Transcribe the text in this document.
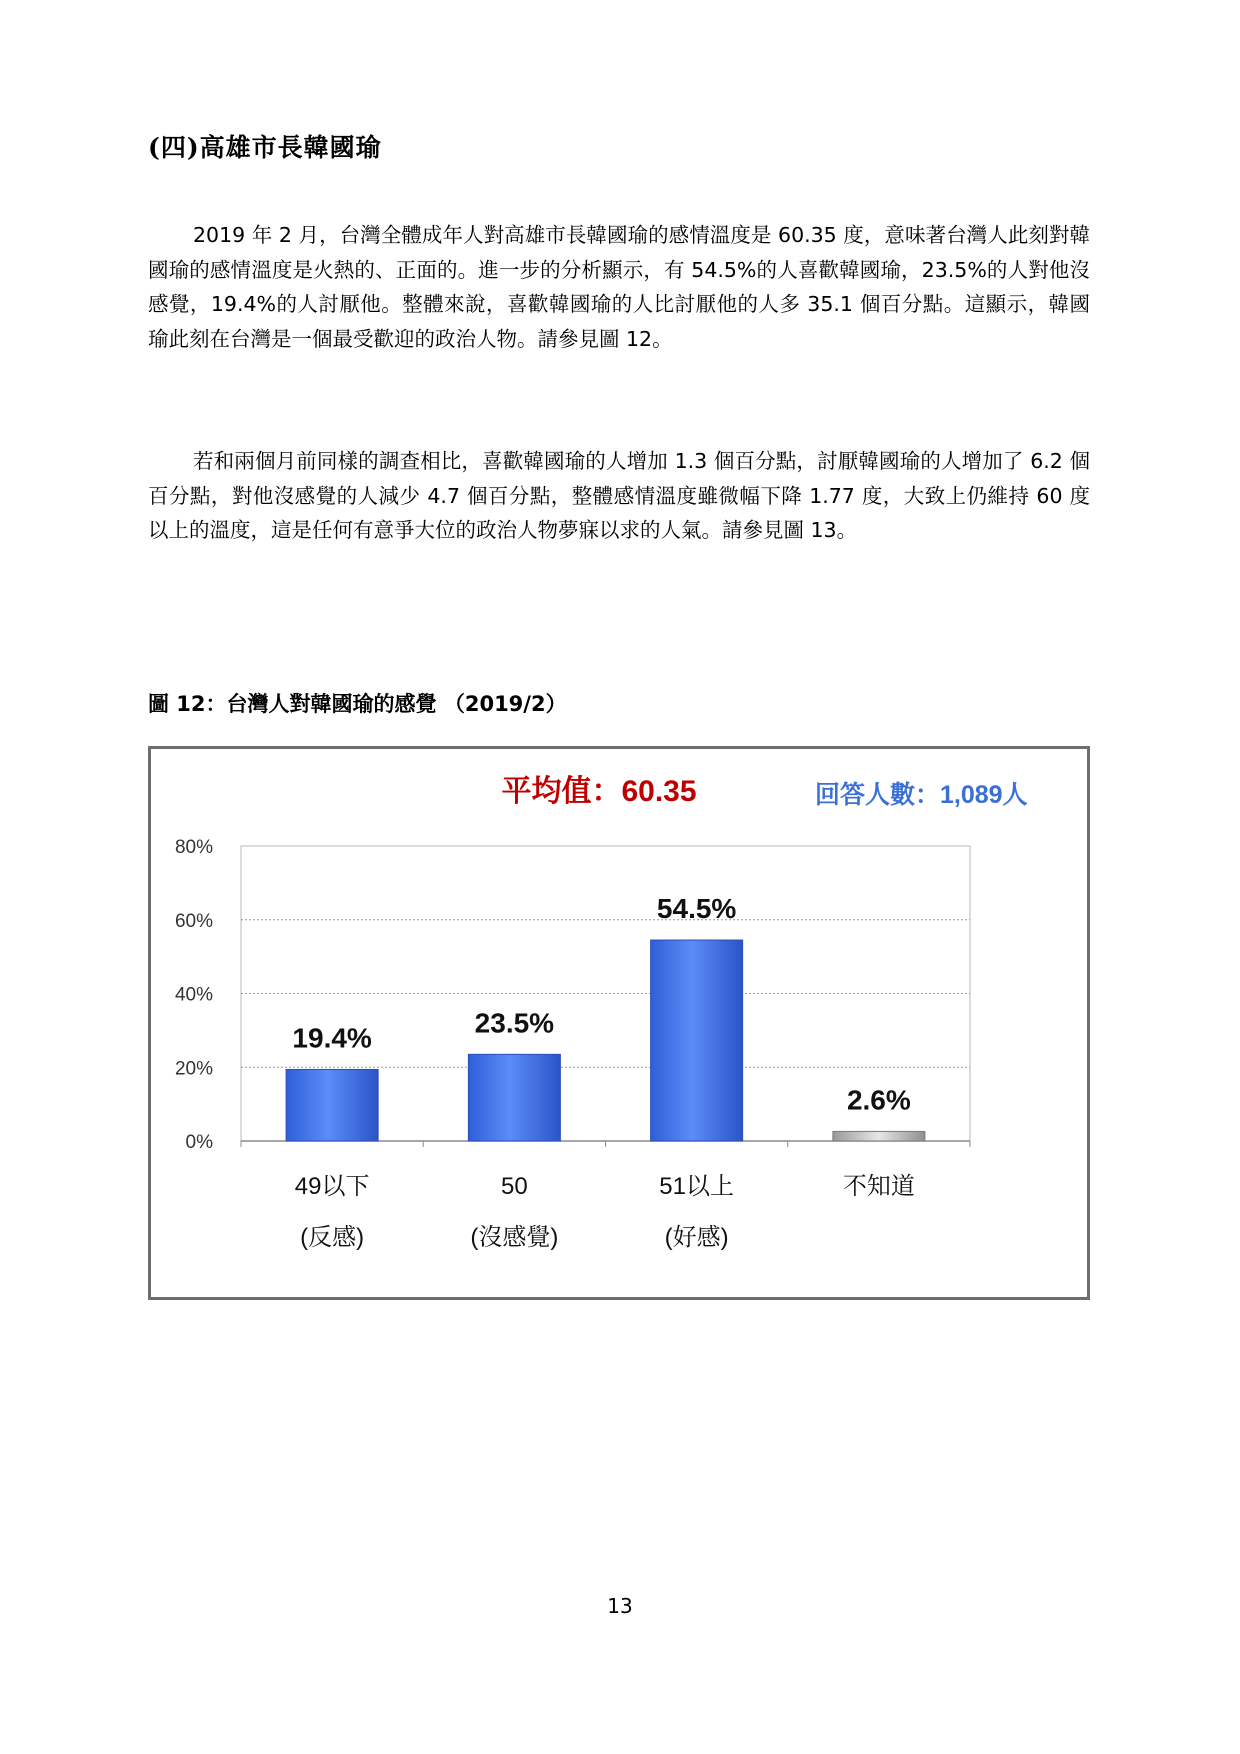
(四)高雄市長韓國瑜

2019 年 2 月，台灣全體成年人對高雄市長韓國瑜的感情溫度是 60.35 度，意味著台灣人此刻對韓國瑜的感情溫度是火熱的、正面的。進一步的分析顯示，有 54.5%的人喜歡韓國瑜，23.5%的人對他沒感覺，19.4%的人討厭他。整體來說，喜歡韓國瑜的人比討厭他的人多 35.1 個百分點。這顯示，韓國瑜此刻在台灣是一個最受歡迎的政治人物。請參見圖 12。

若和兩個月前同樣的調查相比，喜歡韓國瑜的人增加 1.3 個百分點，討厭韓國瑜的人增加了 6.2 個百分點，對他沒感覺的人減少 4.7 個百分點，整體感情溫度雖微幅下降 1.77 度，大致上仍維持 60 度以上的溫度，這是任何有意爭大位的政治人物夢寐以求的人氣。請參見圖 13。

圖 12：台灣人對韓國瑜的感覺 （2019/2）
平均值：60.35	回答人數：1,089人
0%
20%
40%
60%
80%
19.4%
49以下
(反感)
23.5%
50
(沒感覺)
54.5%
51以上
(好感)
2.6%
不知道
13
